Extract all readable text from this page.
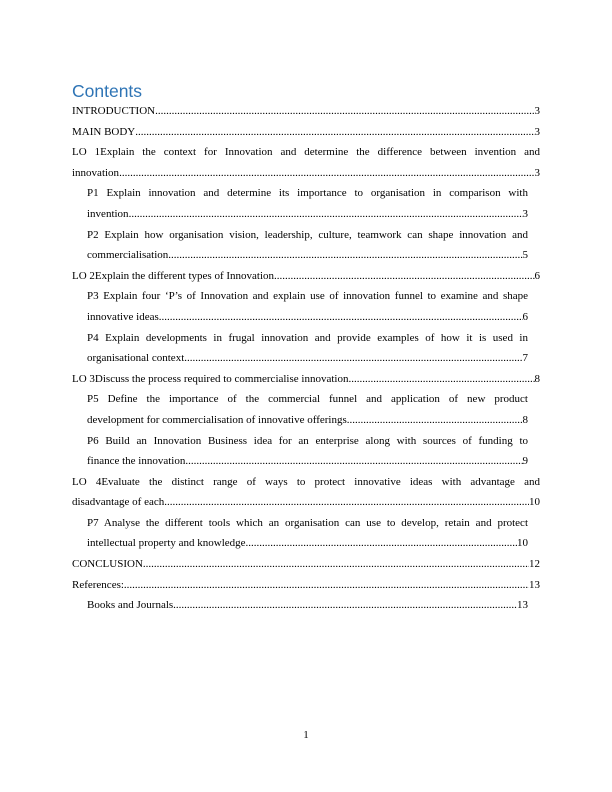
Contents
INTRODUCTION .....	3
MAIN BODY .....	3
LO 1Explain the context for Innovation and determine the difference between invention and
innovation .....	3
P1 Explain innovation and determine its importance to organisation in comparison with
invention .....	3
P2 Explain how organisation vision, leadership, culture, teamwork can shape innovation and
commercialisation .....	5
LO 2Explain the different types of Innovation .....	6
P3 Explain four ‘P’s of Innovation and explain use of innovation funnel to examine and shape
innovative ideas .....	6
P4 Explain developments in frugal innovation and provide examples of how it is used in
organisational context .....	7
LO 3Discuss the process required to commercialise innovation .....	8
P5 Define the importance of the commercial funnel and application of new product
development for commercialisation of innovative offerings .....	8
P6 Build an Innovation Business idea for an enterprise along with sources of funding to
finance the innovation .....	9
LO 4Evaluate the distinct range of ways to protect innovative ideas with advantage and
disadvantage of each .....	10
P7 Analyse the different tools which an organisation can use to develop, retain and protect
intellectual property and knowledge .....	10
CONCLUSION .....	12
References: .....	13
Books and Journals .....	13
1
